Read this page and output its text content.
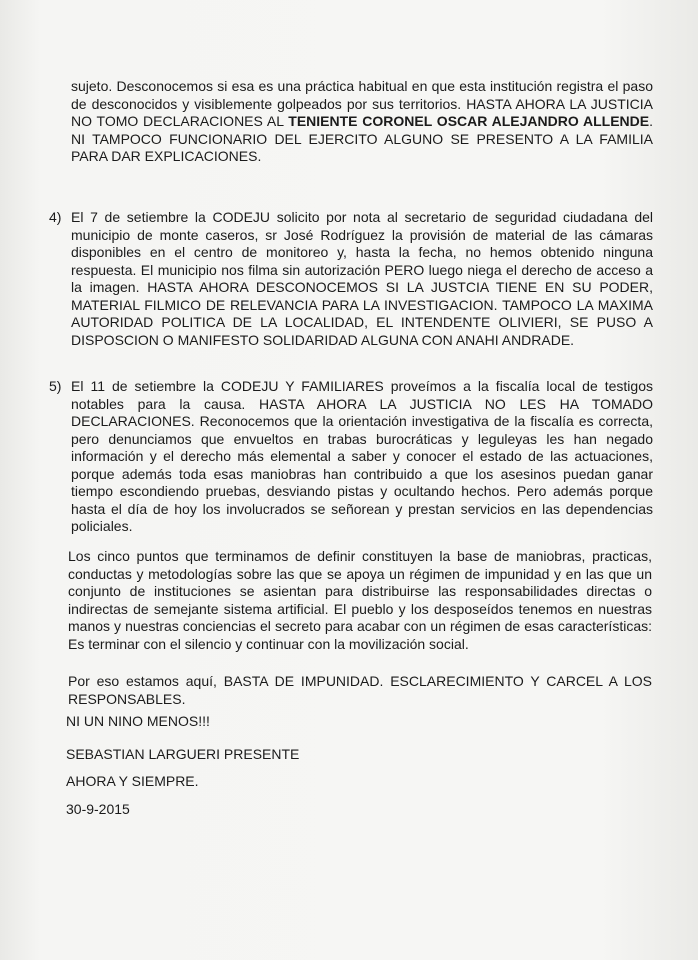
sujeto. Desconocemos si esa es una práctica habitual en que esta institución registra el paso de desconocidos y visiblemente golpeados por sus territorios. HASTA AHORA LA JUSTICIA NO TOMO DECLARACIONES AL TENIENTE CORONEL OSCAR ALEJANDRO ALLENDE. NI TAMPOCO FUNCIONARIO DEL EJERCITO ALGUNO SE PRESENTO A LA FAMILIA PARA DAR EXPLICACIONES.

4) El 7 de setiembre la CODEJU solicito por nota al secretario de seguridad ciudadana del municipio de monte caseros, sr José Rodríguez la provisión de material de las cámaras disponibles en el centro de monitoreo y, hasta la fecha, no hemos obtenido ninguna respuesta. El municipio nos filma sin autorización PERO luego niega el derecho de acceso a la imagen. HASTA AHORA DESCONOCEMOS SI LA JUSTCIA TIENE EN SU PODER, MATERIAL FILMICO DE RELEVANCIA PARA LA INVESTIGACION. TAMPOCO LA MAXIMA AUTORIDAD POLITICA DE LA LOCALIDAD, EL INTENDENTE OLIVIERI, SE PUSO A DISPOSCION O MANIFESTO SOLIDARIDAD ALGUNA CON ANAHI ANDRADE.

5) El 11 de setiembre la CODEJU Y FAMILIARES proveímos a la fiscalía local de testigos notables para la causa. HASTA AHORA LA JUSTICIA NO LES HA TOMADO DECLARACIONES. Reconocemos que la orientación investigativa de la fiscalía es correcta, pero denunciamos que envueltos en trabas burocráticas y leguleyas les han negado información y el derecho más elemental a saber y conocer el estado de las actuaciones, porque además toda esas maniobras han contribuido a que los asesinos puedan ganar tiempo escondiendo pruebas, desviando pistas y ocultando hechos. Pero además porque hasta el día de hoy los involucrados se señorean y prestan servicios en las dependencias policiales.

Los cinco puntos que terminamos de definir constituyen la base de maniobras, practicas, conductas y metodologías sobre las que se apoya un régimen de impunidad y en las que un conjunto de instituciones se asientan para distribuirse las responsabilidades directas o indirectas de semejante sistema artificial. El pueblo y los desposeídos tenemos en nuestras manos y nuestras conciencias el secreto para acabar con un régimen de esas características: Es terminar con el silencio y continuar con la movilización social.

Por eso estamos aquí, BASTA DE IMPUNIDAD. ESCLARECIMIENTO Y CARCEL A LOS RESPONSABLES.

NI UN NINO MENOS!!!
SEBASTIAN LARGUERI PRESENTE
AHORA Y SIEMPRE.
30-9-2015
